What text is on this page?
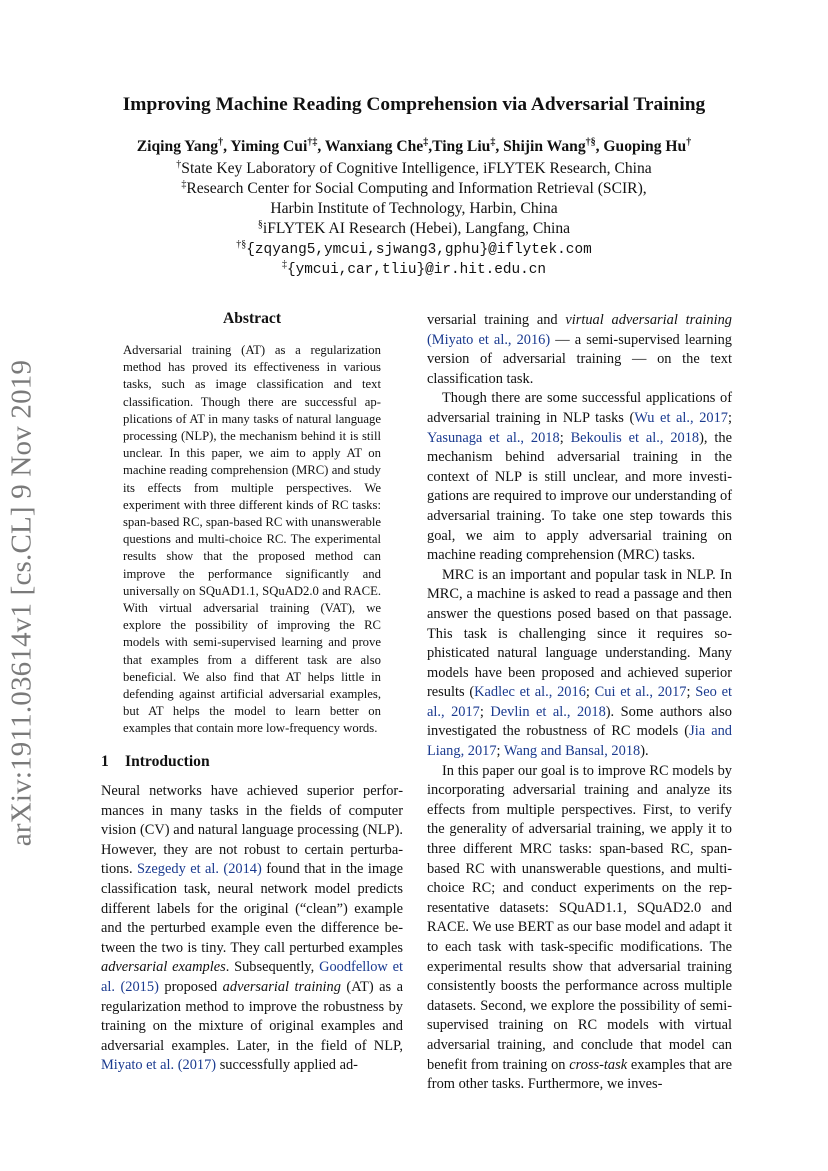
arXiv:1911.03614v1 [cs.CL] 9 Nov 2019
Improving Machine Reading Comprehension via Adversarial Training
Ziqing Yang†, Yiming Cui†‡, Wanxiang Che‡,Ting Liu‡, Shijin Wang†§, Guoping Hu†
†State Key Laboratory of Cognitive Intelligence, iFLYTEK Research, China
‡Research Center for Social Computing and Information Retrieval (SCIR),
Harbin Institute of Technology, Harbin, China
§iFLYTEK AI Research (Hebei), Langfang, China
†§{zqyang5,ymcui,sjwang3,gphu}@iflytek.com
‡{ymcui,car,tliu}@ir.hit.edu.cn
Abstract

Adversarial training (AT) as a regularization method has proved its effectiveness in various tasks, such as image classification and text classification. Though there are successful applications of AT in many tasks of natural language processing (NLP), the mechanism behind it is still unclear. In this paper, we aim to apply AT on machine reading comprehension (MRC) and study its effects from multiple perspectives. We experiment with three different kinds of RC tasks: span-based RC, span-based RC with unanswerable questions and multi-choice RC. The experimental results show that the proposed method can improve the performance significantly and universally on SQuAD1.1, SQuAD2.0 and RACE. With virtual adversarial training (VAT), we explore the possibility of improving the RC models with semi-supervised learning and prove that examples from a different task are also beneficial. We also find that AT helps little in defending against artificial adversarial examples, but AT helps the model to learn better on examples that contain more low-frequency words.

1 Introduction

Neural networks have achieved superior performances in many tasks in the fields of computer vision (CV) and natural language processing (NLP). However, they are not robust to certain perturbations. Szegedy et al. (2014) found that in the image classification task, neural network model predicts different labels for the original (“clean”) example and the perturbed example even the difference between the two is tiny. They call perturbed examples adversarial examples. Subsequently, Goodfellow et al. (2015) proposed adversarial training (AT) as a regularization method to improve the robustness by training on the mixture of original examples and adversarial examples. Later, in the field of NLP, Miyato et al. (2017) successfully applied ad-

versarial training and virtual adversarial training (Miyato et al., 2016) — a semi-supervised learning version of adversarial training — on the text classification task.

Though there are some successful applications of adversarial training in NLP tasks (Wu et al., 2017; Yasunaga et al., 2018; Bekoulis et al., 2018), the mechanism behind adversarial training in the context of NLP is still unclear, and more investigations are required to improve our understanding of adversarial training. To take one step towards this goal, we aim to apply adversarial training on machine reading comprehension (MRC) tasks.

MRC is an important and popular task in NLP. In MRC, a machine is asked to read a passage and then answer the questions posed based on that passage. This task is challenging since it requires sophisticated natural language understanding. Many models have been proposed and achieved superior results (Kadlec et al., 2016; Cui et al., 2017; Seo et al., 2017; Devlin et al., 2018). Some authors also investigated the robustness of RC models (Jia and Liang, 2017; Wang and Bansal, 2018).

In this paper our goal is to improve RC models by incorporating adversarial training and analyze its effects from multiple perspectives. First, to verify the generality of adversarial training, we apply it to three different MRC tasks: span-based RC, span-based RC with unanswerable questions, and multichoice RC; and conduct experiments on the representative datasets: SQuAD1.1, SQuAD2.0 and RACE. We use BERT as our base model and adapt it to each task with task-specific modifications. The experimental results show that adversarial training consistently boosts the performance across multiple datasets. Second, we explore the possibility of semi-supervised training on RC models with virtual adversarial training, and conclude that model can benefit from training on cross-task examples that are from other tasks. Furthermore, we inves-
